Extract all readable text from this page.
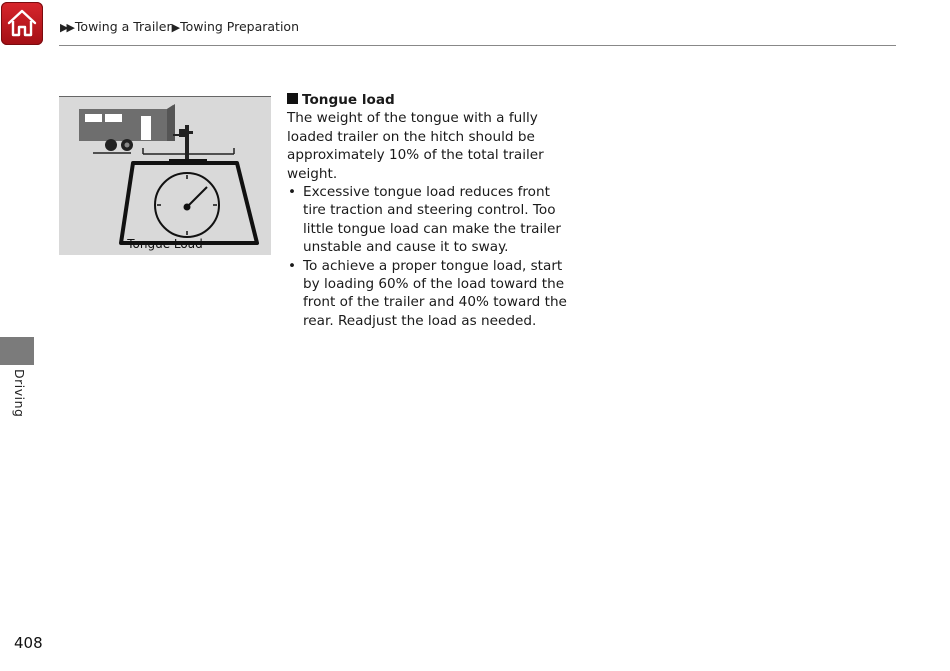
▶▶ Towing a Trailer▶ Towing Preparation
Tongue Load
Tongue load

The weight of the tongue with a fully loaded trailer on the hitch should be approximately 10% of the total trailer weight.

• Excessive tongue load reduces front tire traction and steering control. Too little tongue load can make the trailer unstable and cause it to sway.
• To achieve a proper tongue load, start by loading 60% of the load toward the front of the trailer and 40% toward the rear. Readjust the load as needed.
Driving
408
